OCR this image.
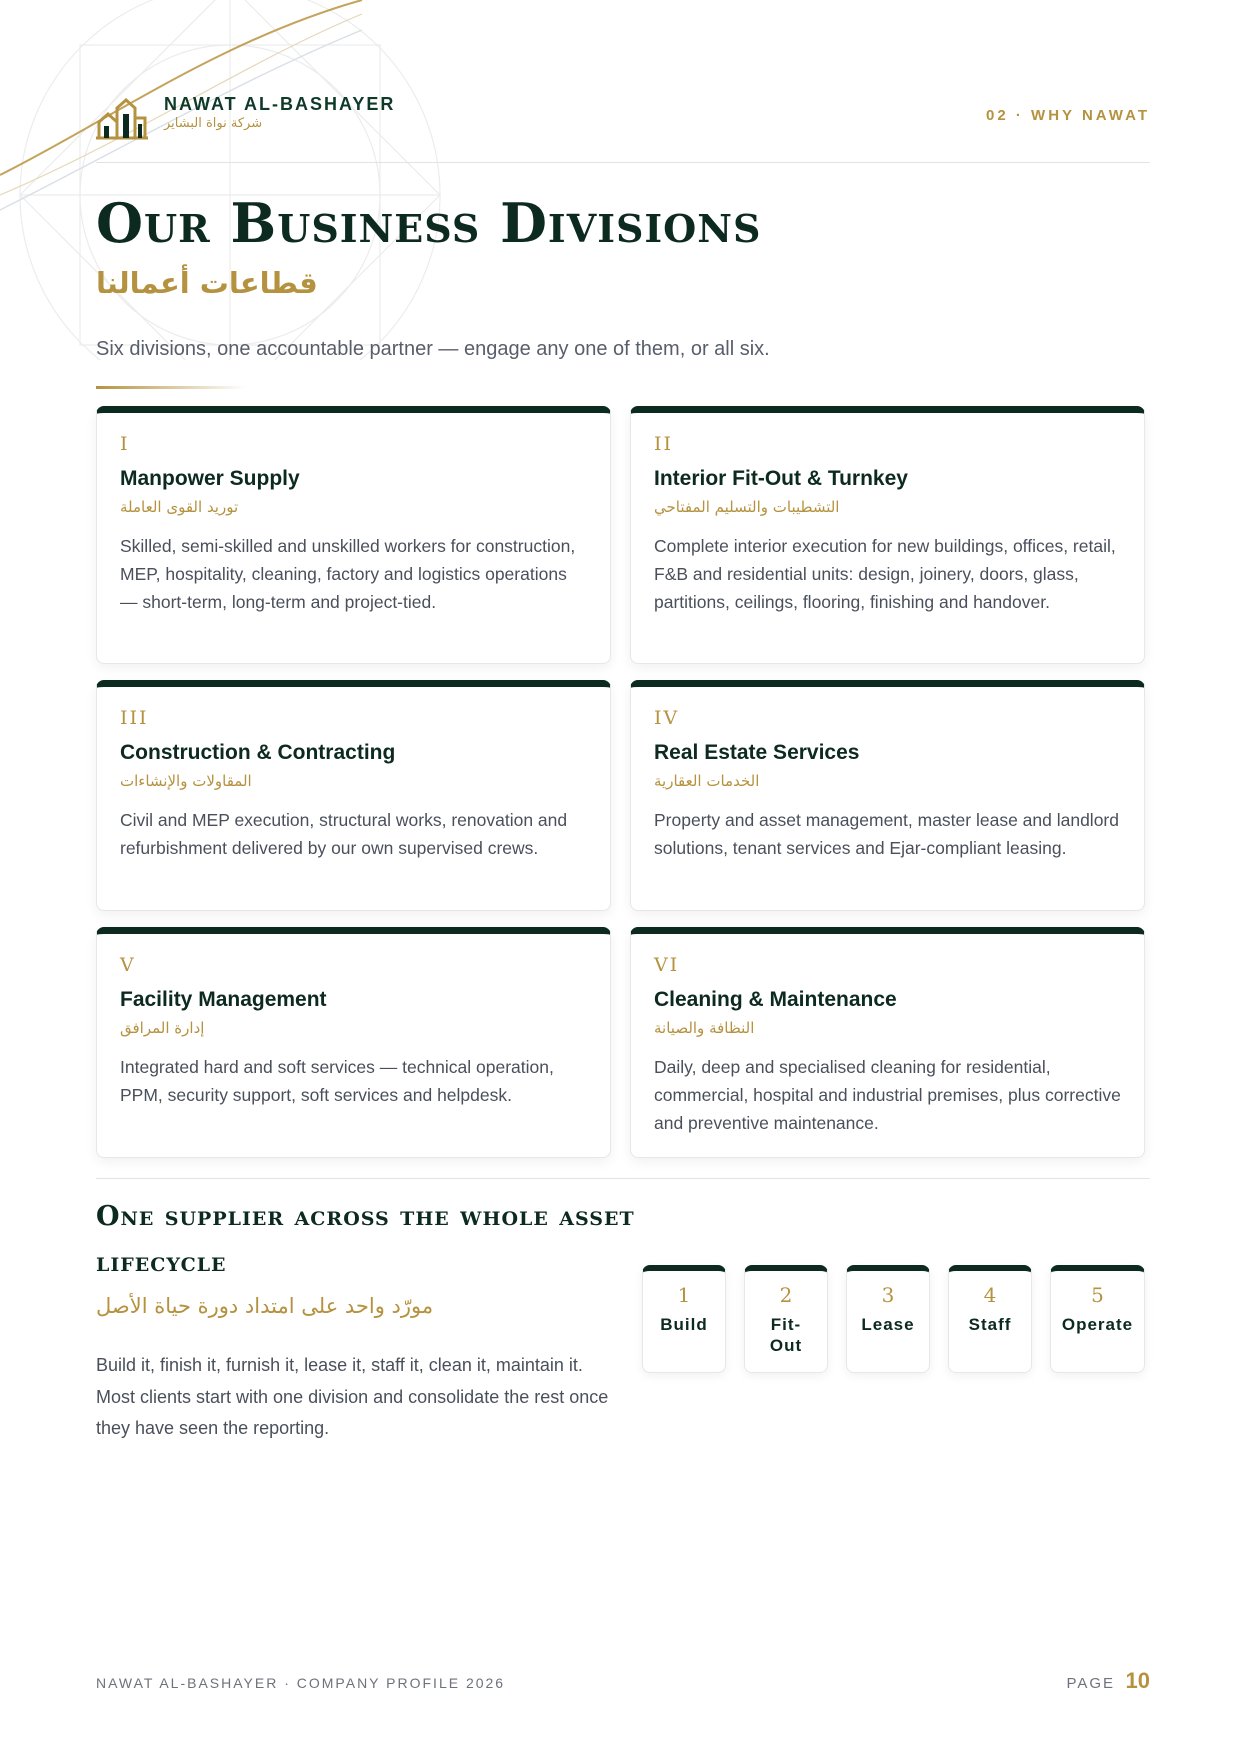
NAWAT AL-BASHAYER
شركة نواة البشاير	02 · WHY NAWAT
Our Business Divisions
قطاعات أعمالنا
Six divisions, one accountable partner — engage any one of them, or all six.
I
Manpower Supply
توريد القوى العاملة
Skilled, semi-skilled and unskilled workers for construction, MEP, hospitality, cleaning, factory and logistics operations — short-term, long-term and project-tied.
II
Interior Fit-Out & Turnkey
التشطيبات والتسليم المفتاحي
Complete interior execution for new buildings, offices, retail, F&B and residential units: design, joinery, doors, glass, partitions, ceilings, flooring, finishing and handover.
III
Construction & Contracting
المقاولات والإنشاءات
Civil and MEP execution, structural works, renovation and refurbishment delivered by our own supervised crews.
IV
Real Estate Services
الخدمات العقارية
Property and asset management, master lease and landlord solutions, tenant services and Ejar-compliant leasing.
V
Facility Management
إدارة المرافق
Integrated hard and soft services — technical operation, PPM, security support, soft services and helpdesk.
VI
Cleaning & Maintenance
النظافة والصيانة
Daily, deep and specialised cleaning for residential, commercial, hospital and industrial premises, plus corrective and preventive maintenance.
One supplier across the whole asset lifecycle
مورّد واحد على امتداد دورة حياة الأصل
Build it, finish it, furnish it, lease it, staff it, clean it, maintain it. Most clients start with one division and consolidate the rest once they have seen the reporting.
1
Build
2
Fit-Out
3
Lease
4
Staff
5
Operate
NAWAT AL-BASHAYER · COMPANY PROFILE 2026	PAGE 10
